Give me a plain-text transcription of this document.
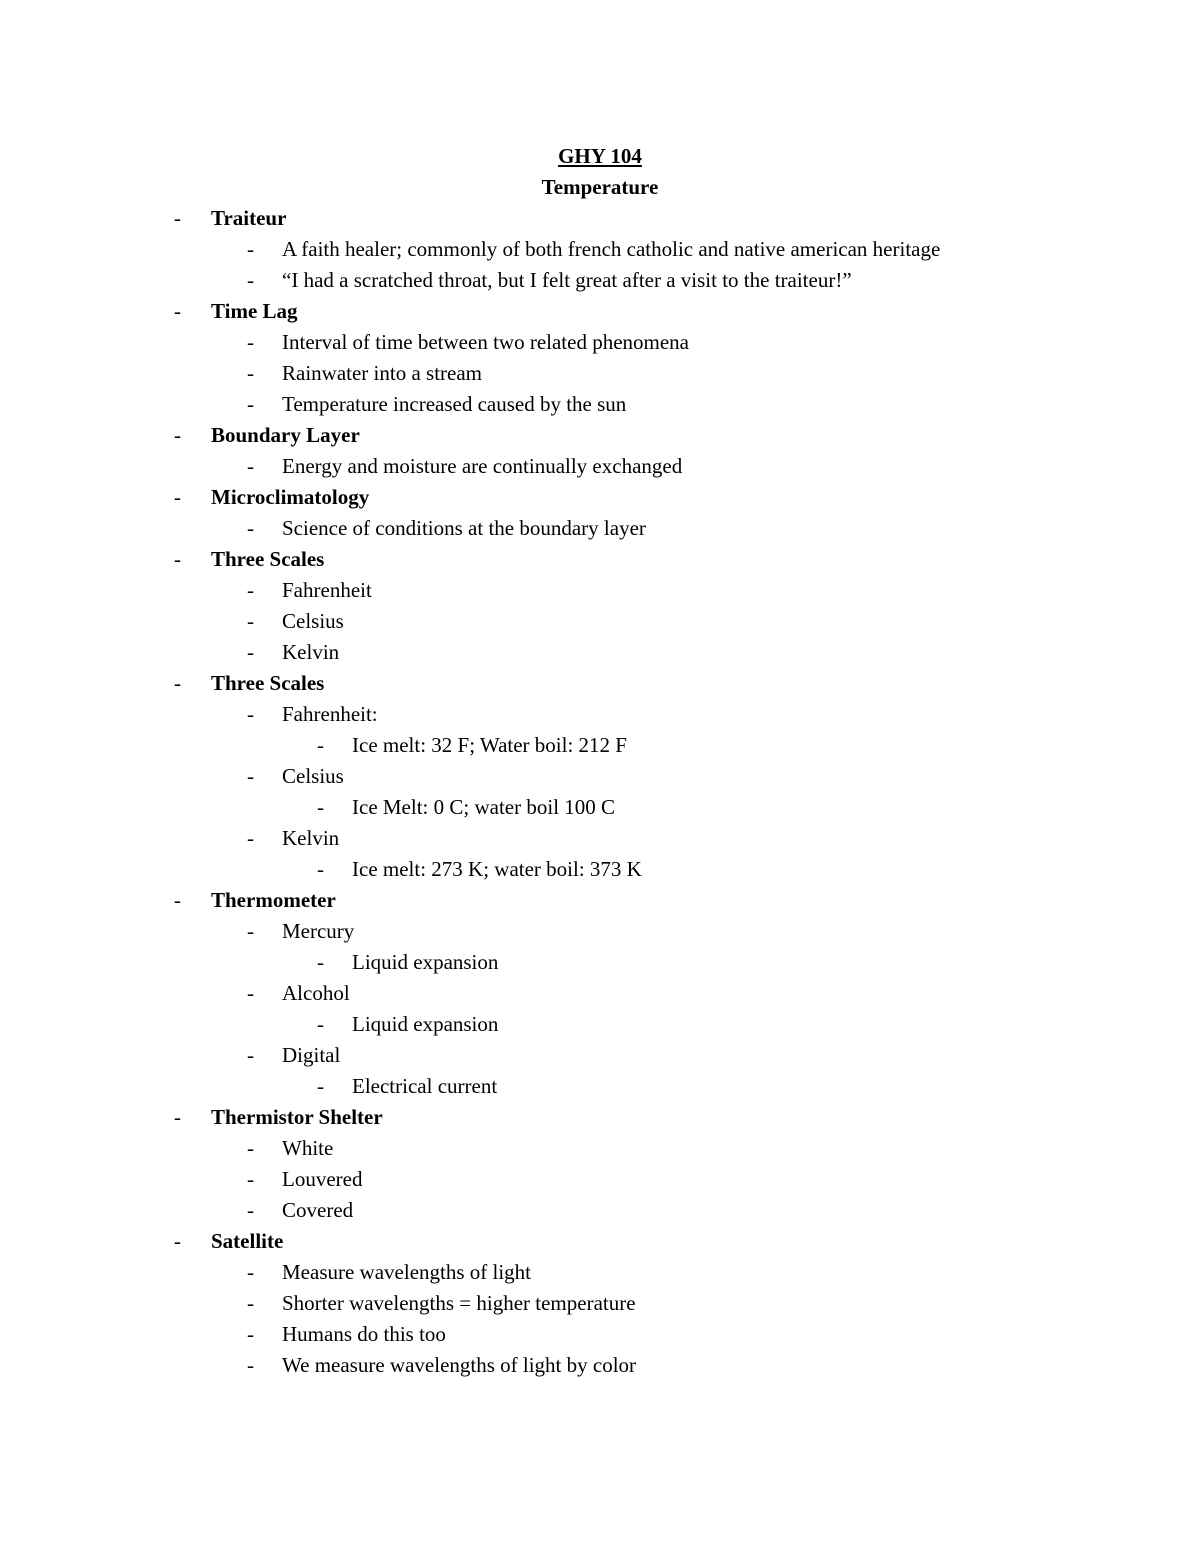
GHY 104
Temperature
- Traiteur
- A faith healer; commonly of both french catholic and native american heritage
- “I had a scratched throat, but I felt great after a visit to the traiteur!”
- Time Lag
- Interval of time between two related phenomena
- Rainwater into a stream
- Temperature increased caused by the sun
- Boundary Layer
- Energy and moisture are continually exchanged
- Microclimatology
- Science of conditions at the boundary layer
- Three Scales
- Fahrenheit
- Celsius
- Kelvin
- Three Scales
- Fahrenheit:
- Ice melt: 32 F; Water boil: 212 F
- Celsius
- Ice Melt: 0 C; water boil 100 C
- Kelvin
- Ice melt: 273 K; water boil: 373 K
- Thermometer
- Mercury
- Liquid expansion
- Alcohol
- Liquid expansion
- Digital
- Electrical current
- Thermistor Shelter
- White
- Louvered
- Covered
- Satellite
- Measure wavelengths of light
- Shorter wavelengths = higher temperature
- Humans do this too
- We measure wavelengths of light by color
